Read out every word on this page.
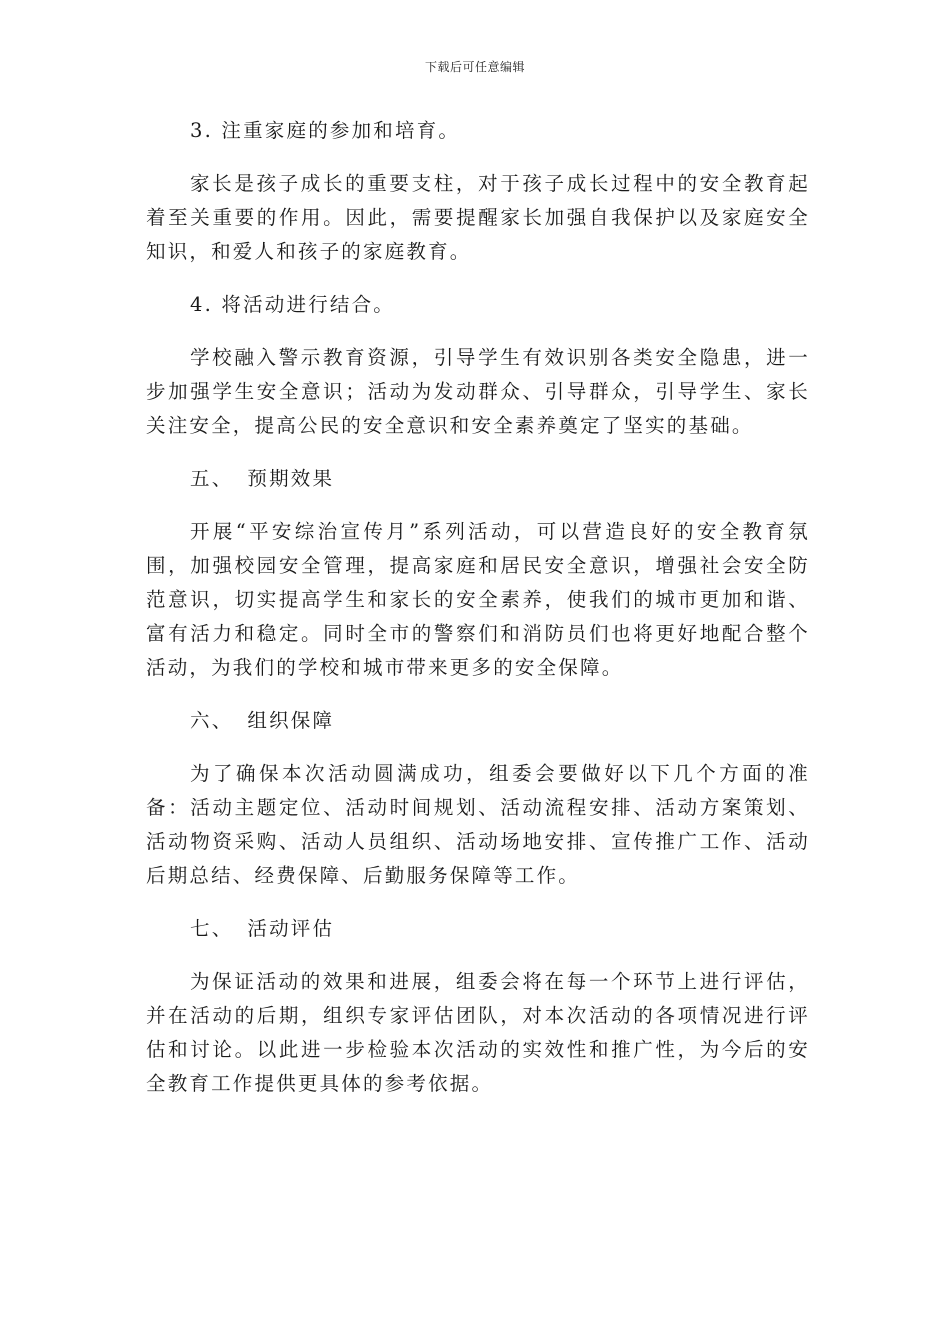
下载后可任意编辑

3. 注重家庭的参加和培育。

家长是孩子成长的重要支柱，对于孩子成长过程中的安全教育起着至关重要的作用。因此，需要提醒家长加强自我保护以及家庭安全知识，和爱人和孩子的家庭教育。

4. 将活动进行结合。

学校融入警示教育资源，引导学生有效识别各类安全隐患，进一步加强学生安全意识；活动为发动群众、引导群众，引导学生、家长关注安全，提高公民的安全意识和安全素养奠定了坚实的基础。

五、 预期效果

开展“平安综治宣传月”系列活动，可以营造良好的安全教育氛围，加强校园安全管理，提高家庭和居民安全意识，增强社会安全防范意识，切实提高学生和家长的安全素养，使我们的城市更加和谐、富有活力和稳定。同时全市的警察们和消防员们也将更好地配合整个活动，为我们的学校和城市带来更多的安全保障。

六、 组织保障

为了确保本次活动圆满成功，组委会要做好以下几个方面的准备：活动主题定位、活动时间规划、活动流程安排、活动方案策划、活动物资采购、活动人员组织、活动场地安排、宣传推广工作、活动后期总结、经费保障、后勤服务保障等工作。

七、 活动评估

为保证活动的效果和进展，组委会将在每一个环节上进行评估，并在活动的后期，组织专家评估团队，对本次活动的各项情况进行评估和讨论。以此进一步检验本次活动的实效性和推广性，为今后的安全教育工作提供更具体的参考依据。
